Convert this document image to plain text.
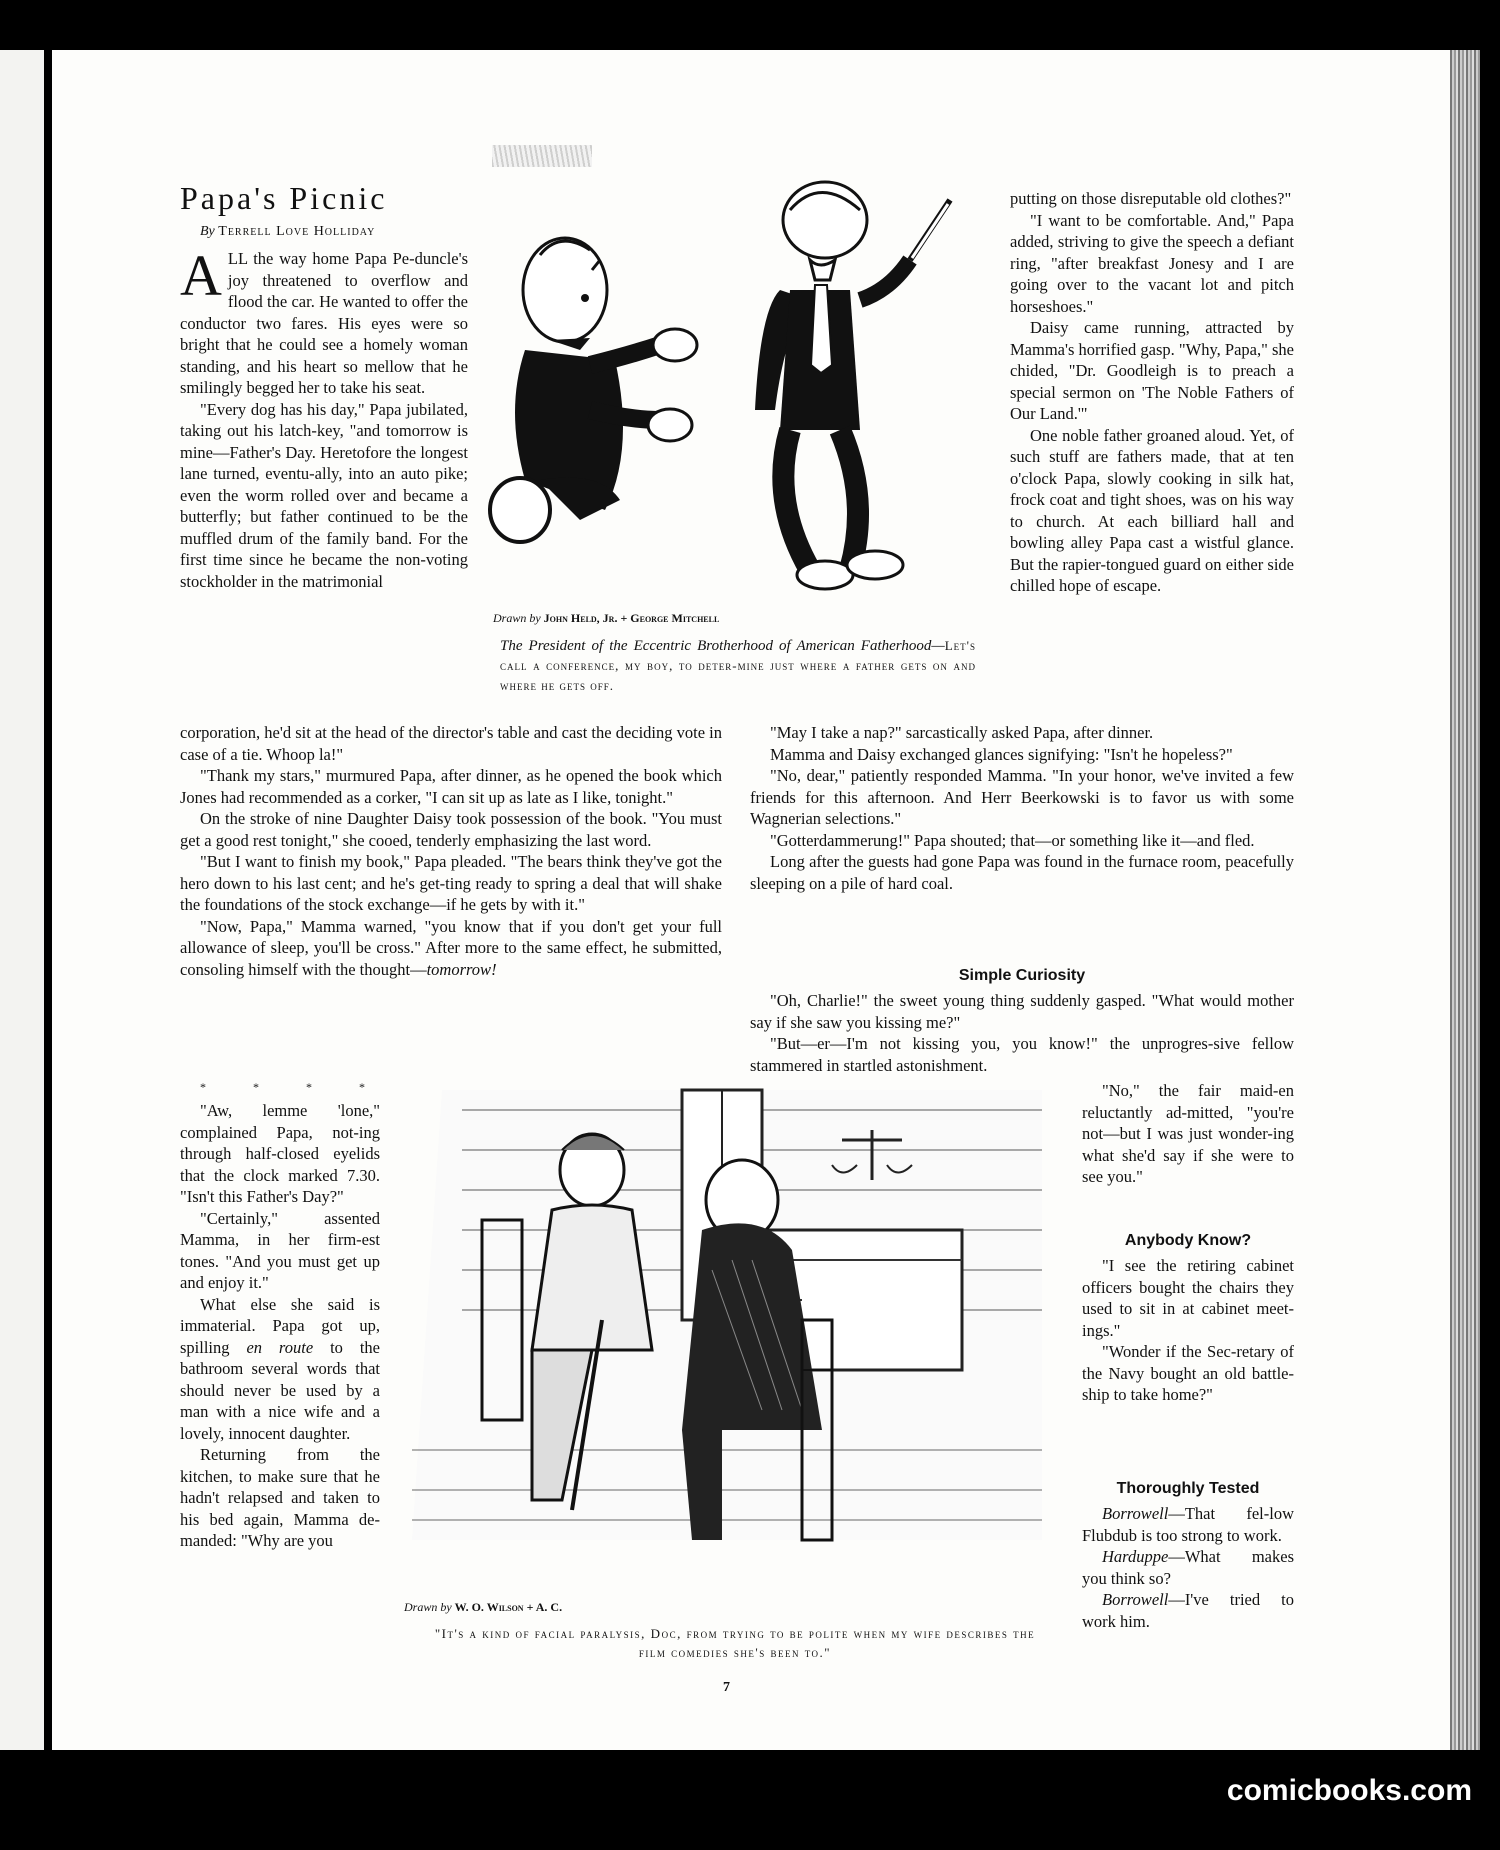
Papa's Picnic
By Terrell Love Holliday

ALL the way home Papa Pe-duncle's joy threatened to overflow and flood the car. He wanted to offer the conductor two fares. His eyes were so bright that he could see a homely woman standing, and his heart so mellow that he smilingly begged her to take his seat.

"Every dog has his day," Papa jubilated, taking out his latch-key, "and tomorrow is mine—Father's Day. Heretofore the longest lane turned, eventu-ally, into an auto pike; even the worm rolled over and became a butterfly; but father continued to be the muffled drum of the family band. For the first time since he became the non-voting stockholder in the matrimonial

Drawn by John Held, Jr. + George Mitchell
The President of the Eccentric Brotherhood of American Fatherhood—Let's call a conference, my boy, to deter-mine just where a father gets on and where he gets off.

putting on those disreputable old clothes?"

"I want to be comfortable. And," Papa added, striving to give the speech a defiant ring, "after breakfast Jonesy and I are going over to the vacant lot and pitch horseshoes."

Daisy came running, attracted by Mamma's horrified gasp. "Why, Papa," she chided, "Dr. Goodleigh is to preach a special sermon on 'The Noble Fathers of Our Land.'"

One noble father groaned aloud. Yet, of such stuff are fathers made, that at ten o'clock Papa, slowly cooking in silk hat, frock coat and tight shoes, was on his way to church. At each billiard hall and bowling alley Papa cast a wistful glance. But the rapier-tongued guard on either side chilled hope of escape.

corporation, he'd sit at the head of the director's table and cast the deciding vote in case of a tie. Whoop la!"

"Thank my stars," murmured Papa, after dinner, as he opened the book which Jones had recommended as a corker, "I can sit up as late as I like, tonight."

On the stroke of nine Daughter Daisy took possession of the book. "You must get a good rest tonight," she cooed, tenderly emphasizing the last word.

"But I want to finish my book," Papa pleaded. "The bears think they've got the hero down to his last cent; and he's get-ting ready to spring a deal that will shake the foundations of the stock exchange—if he gets by with it."

"Now, Papa," Mamma warned, "you know that if you don't get your full allowance of sleep, you'll be cross." After more to the same effect, he submitted, consoling himself with the thought—tomorrow!

* * * *

"May I take a nap?" sarcastically asked Papa, after dinner.

Mamma and Daisy exchanged glances signifying: "Isn't he hopeless?"

"No, dear," patiently responded Mamma. "In your honor, we've invited a few friends for this afternoon. And Herr Beerkowski is to favor us with some Wagnerian selections."

"Gotterdammerung!" Papa shouted; that—or something like it—and fled.

Long after the guests had gone Papa was found in the furnace room, peacefully sleeping on a pile of hard coal.

Simple Curiosity

"Oh, Charlie!" the sweet young thing suddenly gasped. "What would mother say if she saw you kissing me?"

"But—er—I'm not kissing you, you know!" the unprogres-sive fellow stammered in startled astonishment.

"No," the fair maid-en reluctantly ad-mitted, "you're not—but I was just wonder-ing what she'd say if she were to see you."

"Aw, lemme 'lone," complained Papa, not-ing through half-closed eyelids that the clock marked 7.30. "Isn't this Father's Day?"

"Certainly," assented Mamma, in her firm-est tones. "And you must get up and enjoy it."

What else she said is immaterial. Papa got up, spilling en route to the bathroom several words that should never be used by a man with a nice wife and a lovely, innocent daughter.

Returning from the kitchen, to make sure that he hadn't relapsed and taken to his bed again, Mamma de-manded: "Why are you

Drawn by W. O. Wilson + A. C.
"It's a kind of facial paralysis, Doc, from trying to be polite when my wife describes the film comedies she's been to."
Anybody Know?

"I see the retiring cabinet officers bought the chairs they used to sit in at cabinet meet-ings."

"Wonder if the Sec-retary of the Navy bought an old battle-ship to take home?"

Thoroughly Tested

Borrowell—That fel-low Flubdub is too strong to work.

Harduppe—What makes you think so?

Borrowell—I've tried to work him.

7
comicbooks.com
